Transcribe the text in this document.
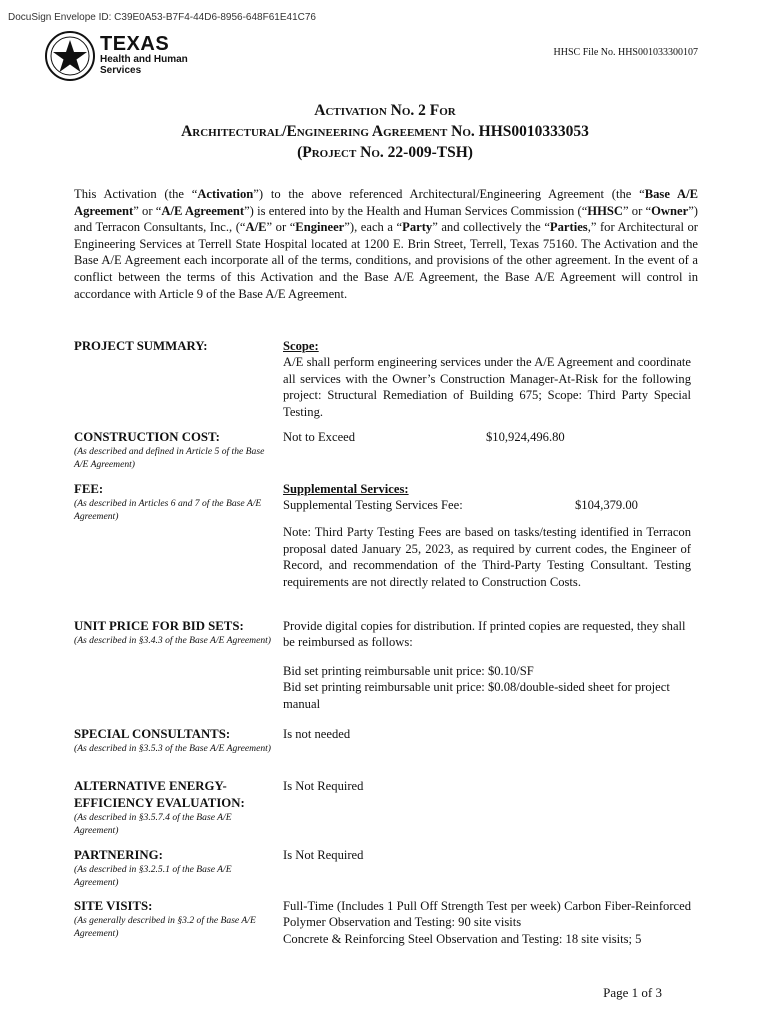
DocuSign Envelope ID: C39E0A53-B7F4-44D6-8956-648F61E41C76
TEXAS
Health and Human
Services
HHSC File No. HHS001033300107
Activation No. 2 For
Architectural/Engineering Agreement No. HHS0010333053
(Project No. 22-009-TSH)

This Activation (the “Activation”) to the above referenced Architectural/Engineering Agreement (the “Base A/E Agreement” or “A/E Agreement”) is entered into by the Health and Human Services Commission (“HHSC” or “Owner”) and Terracon Consultants, Inc., (“A/E” or “Engineer”), each a “Party” and collectively the “Parties,” for Architectural or Engineering Services at Terrell State Hospital located at 1200 E. Brin Street, Terrell, Texas 75160. The Activation and the Base A/E Agreement each incorporate all of the terms, conditions, and provisions of the other agreement. In the event of a conflict between the terms of this Activation and the Base A/E Agreement, the Base A/E Agreement will control in accordance with Article 9 of the Base A/E Agreement.

PROJECT SUMMARY:	Scope:

A/E shall perform engineering services under the A/E Agreement and coordinate all services with the Owner’s Construction Manager-At-Risk for the following project: Structural Remediation of Building 675; Scope: Third Party Special Testing.

CONSTRUCTION COST:
(As described and defined in Article 5 of the Base A/E Agreement)
Not to Exceed	$10,924,496.80
FEE:
(As described in Articles 6 and 7 of the Base A/E Agreement)

Supplemental Services:

Supplemental Testing Services Fee:	$104,379.00

Note: Third Party Testing Fees are based on tasks/testing identified in Terracon proposal dated January 25, 2023, as required by current codes, the Engineer of Record, and recommendation of the Third-Party Testing Consultant. Testing requirements are not directly related to Construction Costs.

UNIT PRICE FOR BID SETS:
(As described in §3.4.3 of the Base A/E Agreement)

Provide digital copies for distribution. If printed copies are requested, they shall be reimbursed as follows:

Bid set printing reimbursable unit price: $0.10/SF

Bid set printing reimbursable unit price: $0.08/double-sided sheet for project manual

SPECIAL CONSULTANTS:
(As described in §3.5.3 of the Base A/E Agreement)

Is not needed

ALTERNATIVE ENERGY-EFFICIENCY EVALUATION:
(As described in §3.5.7.4 of the Base A/E Agreement)

Is Not Required

PARTNERING:
(As described in §3.2.5.1 of the Base A/E Agreement)

Is Not Required

SITE VISITS:
(As generally described in §3.2 of the Base A/E Agreement)

Full-Time (Includes 1 Pull Off Strength Test per week) Carbon Fiber-Reinforced Polymer Observation and Testing: 90 site visits

Concrete & Reinforcing Steel Observation and Testing: 18 site visits; 5

Page 1 of 3
